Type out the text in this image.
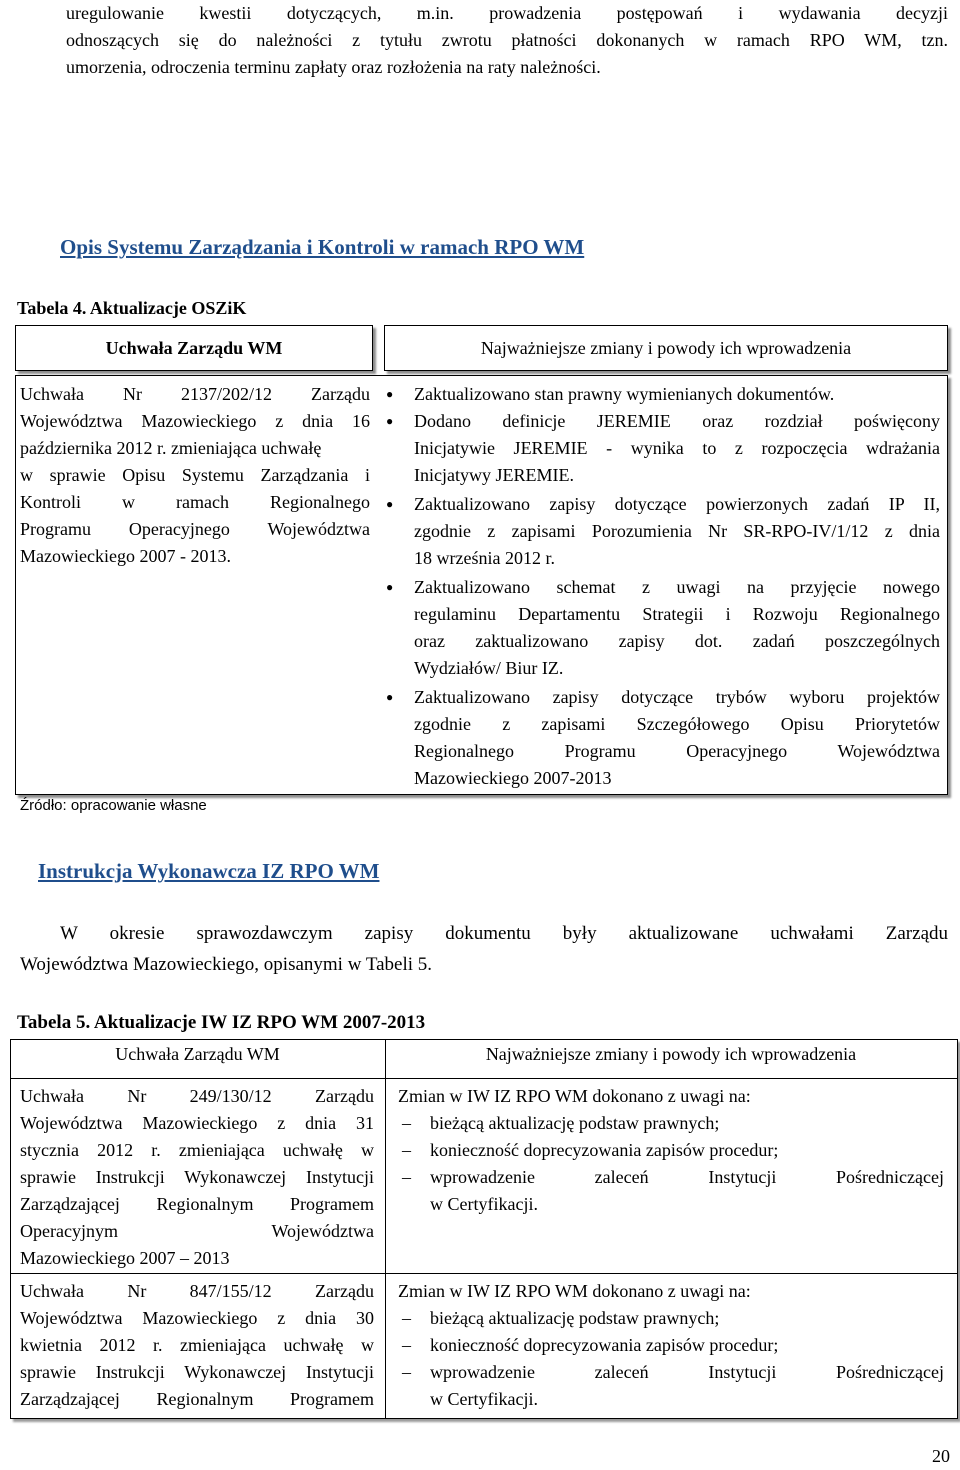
uregulowanie kwestii dotyczących, m.in. prowadzenia postępowań i wydawania decyzji
odnoszących się do należności z tytułu zwrotu płatności dokonanych w ramach RPO WM, tzn.
umorzenia, odroczenia terminu zapłaty oraz rozłożenia na raty należności.
Opis Systemu Zarządzania i Kontroli w ramach RPO WM
Tabela 4. Aktualizacje OSZiK
Uchwała Zarządu WM	Najważniejsze zmiany i powody ich wprowadzenia
Uchwała Nr 2137/202/12 Zarządu
Województwa Mazowieckiego z dnia 16
października 2012 r. zmieniająca uchwałę
w sprawie Opisu Systemu Zarządzania i
Kontroli w ramach Regionalnego
Programu Operacyjnego Województwa
Mazowieckiego 2007 - 2013.
● Zaktualizowano stan prawny wymienianych dokumentów.
● Dodano definicje JEREMIE oraz rozdział poświęcony
Inicjatywie JEREMIE - wynika to z rozpoczęcia wdrażania
Inicjatywy JEREMIE.
● Zaktualizowano zapisy dotyczące powierzonych zadań IP II,
zgodnie z zapisami Porozumienia Nr SR-RPO-IV/1/12 z dnia
18 września 2012 r.
● Zaktualizowano schemat z uwagi na przyjęcie nowego
regulaminu Departamentu Strategii i Rozwoju Regionalnego
oraz zaktualizowano zapisy dot. zadań poszczególnych
Wydziałów/ Biur IZ.
● Zaktualizowano zapisy dotyczące trybów wyboru projektów
zgodnie z zapisami Szczegółowego Opisu Priorytetów
Regionalnego Programu Operacyjnego Województwa
Mazowieckiego 2007-2013
Źródło: opracowanie własne
Instrukcja Wykonawcza IZ RPO WM
W okresie sprawozdawczym zapisy dokumentu były aktualizowane uchwałami Zarządu
Województwa Mazowieckiego, opisanymi w Tabeli 5.
Tabela 5. Aktualizacje IW IZ RPO WM 2007-2013
Uchwała Zarządu WM	Najważniejsze zmiany i powody ich wprowadzenia
Uchwała Nr 249/130/12 Zarządu
Województwa Mazowieckiego z dnia 31
stycznia 2012 r. zmieniająca uchwałę w
sprawie Instrukcji Wykonawczej Instytucji
Zarządzającej Regionalnym Programem
Operacyjnym Województwa
Mazowieckiego 2007 – 2013
Zmian w IW IZ RPO WM dokonano z uwagi na:
– bieżącą aktualizację podstaw prawnych;
– konieczność doprecyzowania zapisów procedur;
– wprowadzenie zaleceń Instytucji Pośredniczącej
w Certyfikacji.
Uchwała Nr 847/155/12 Zarządu
Województwa Mazowieckiego z dnia 30
kwietnia 2012 r. zmieniająca uchwałę w
sprawie Instrukcji Wykonawczej Instytucji
Zarządzającej Regionalnym Programem
Zmian w IW IZ RPO WM dokonano z uwagi na:
– bieżącą aktualizację podstaw prawnych;
– konieczność doprecyzowania zapisów procedur;
– wprowadzenie zaleceń Instytucji Pośredniczącej
w Certyfikacji.
20
